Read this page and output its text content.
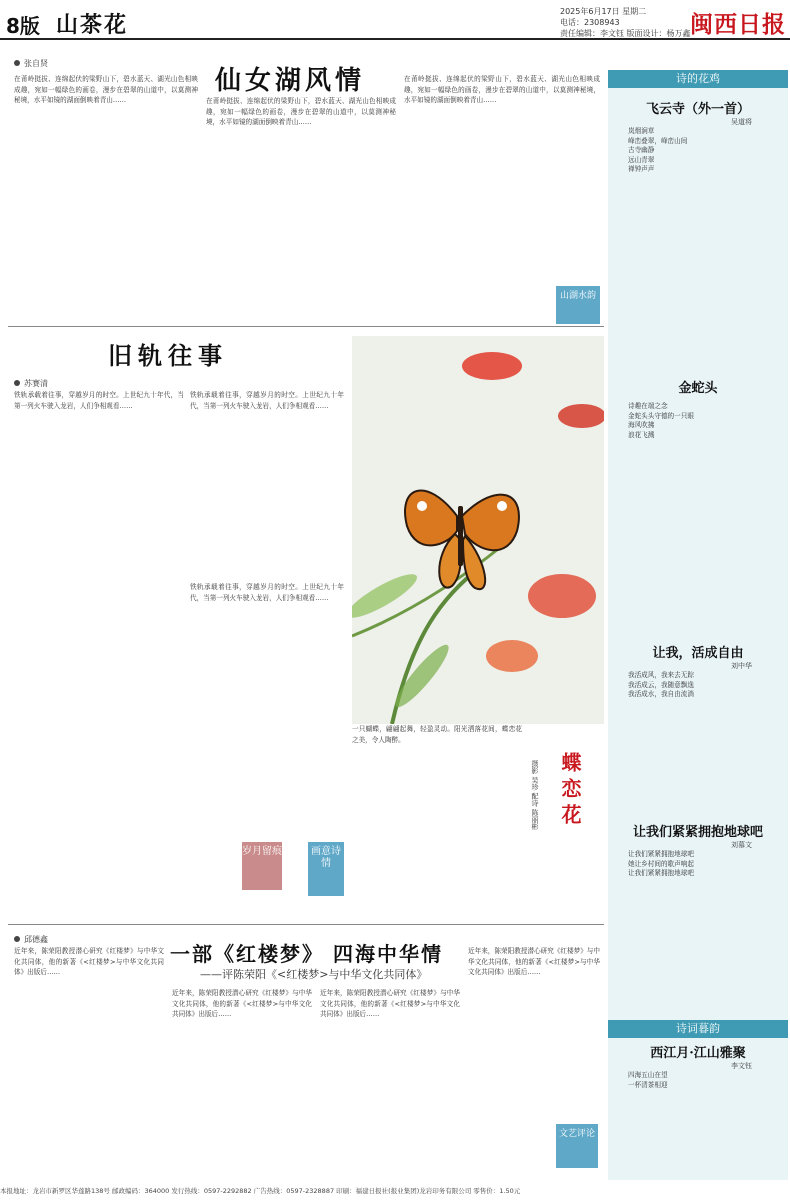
8版 山茶花
2025年6月17日 星期二
电话：2308943
责任编辑：李文钰 版面设计：杨万鑫 闽西日报
张自贤
仙女湖风情
在莆岭挺拔、连绵起伏的梁野山下，碧水蓝天、湖光山色相映成趣，宛如一幅绿色的画卷，漫步在碧翠的山道中，以莫测神秘境，水平如镜的湖面倒映着青山……	在莆岭挺拔、连绵起伏的梁野山下，碧水蓝天、湖光山色相映成趣，宛如一幅绿色的画卷，漫步在碧翠的山道中，以莫测神秘境，水平如镜的湖面倒映着青山……
在莆岭挺拔、连绵起伏的梁野山下，碧水蓝天、湖光山色相映成趣，宛如一幅绿色的画卷，漫步在碧翠的山道中，以莫测神秘境，水平如镜的湖面倒映着青山……
山湖水韵
旧轨往事
苏赛清
铁轨承载着往事，穿越岁月的时空。上世纪九十年代，当第一列火车驶入龙岩，人们争相观看……
铁轨承载着往事，穿越岁月的时空。上世纪九十年代，当第一列火车驶入龙岩，人们争相观看……
铁轨承载着往事，穿越岁月的时空。上世纪九十年代，当第一列火车驶入龙岩，人们争相观看……
岁月留痕
一只蝴蝶，翩翩起舞，轻盈灵动。阳光洒落花间，蝶恋花之美，令人陶醉。
蝶恋花
摄影 吴珍 配诗 陈丽彬
画意诗情
邱德鑫
一部《红楼梦》 四海中华情
——评陈荣阳《<红楼梦>与中华文化共同体》
近年来，陈荣阳教授潜心研究《红楼梦》与中华文化共同体，他的新著《<红楼梦>与中华文化共同体》出版后……
近年来，陈荣阳教授潜心研究《红楼梦》与中华文化共同体，他的新著《<红楼梦>与中华文化共同体》出版后……
近年来，陈荣阳教授潜心研究《红楼梦》与中华文化共同体，他的新著《<红楼梦>与中华文化共同体》出版后……
近年来，陈荣阳教授潜心研究《红楼梦》与中华文化共同体，他的新著《<红楼梦>与中华文化共同体》出版后……
文艺评论
诗的花鸡
飞云寺（外一首）
吴道将
岚烟涧草
峰峦叠翠，峰峦山间
古寺幽静
远山青翠
禅钟声声
金蛇头
诗趣在端之念
金蛇头头守德的一只眼
海风吹拂
浪花飞溅
让我，活成自由
刘中华
我活成风，我来去无踪
我活成云，我随意飘逸
我活成水，我自由流淌
让我们紧紧拥抱地球吧
刘慕文
让我们紧紧拥抱地球吧
她让乡村间的歌声响起
让我们紧紧拥抱地球吧
诗词暮韵
西江月·江山雅聚
李文钰
四海五山在望
一杯清茶相迎
本报地址：龙岩市新罗区华莲路138号 邮政编码：364000 发行热线：0597-2292882 广告热线：0597-2328887 印刷：福建日报社(报业集团)龙岩印务有限公司 零售价：1.50元
